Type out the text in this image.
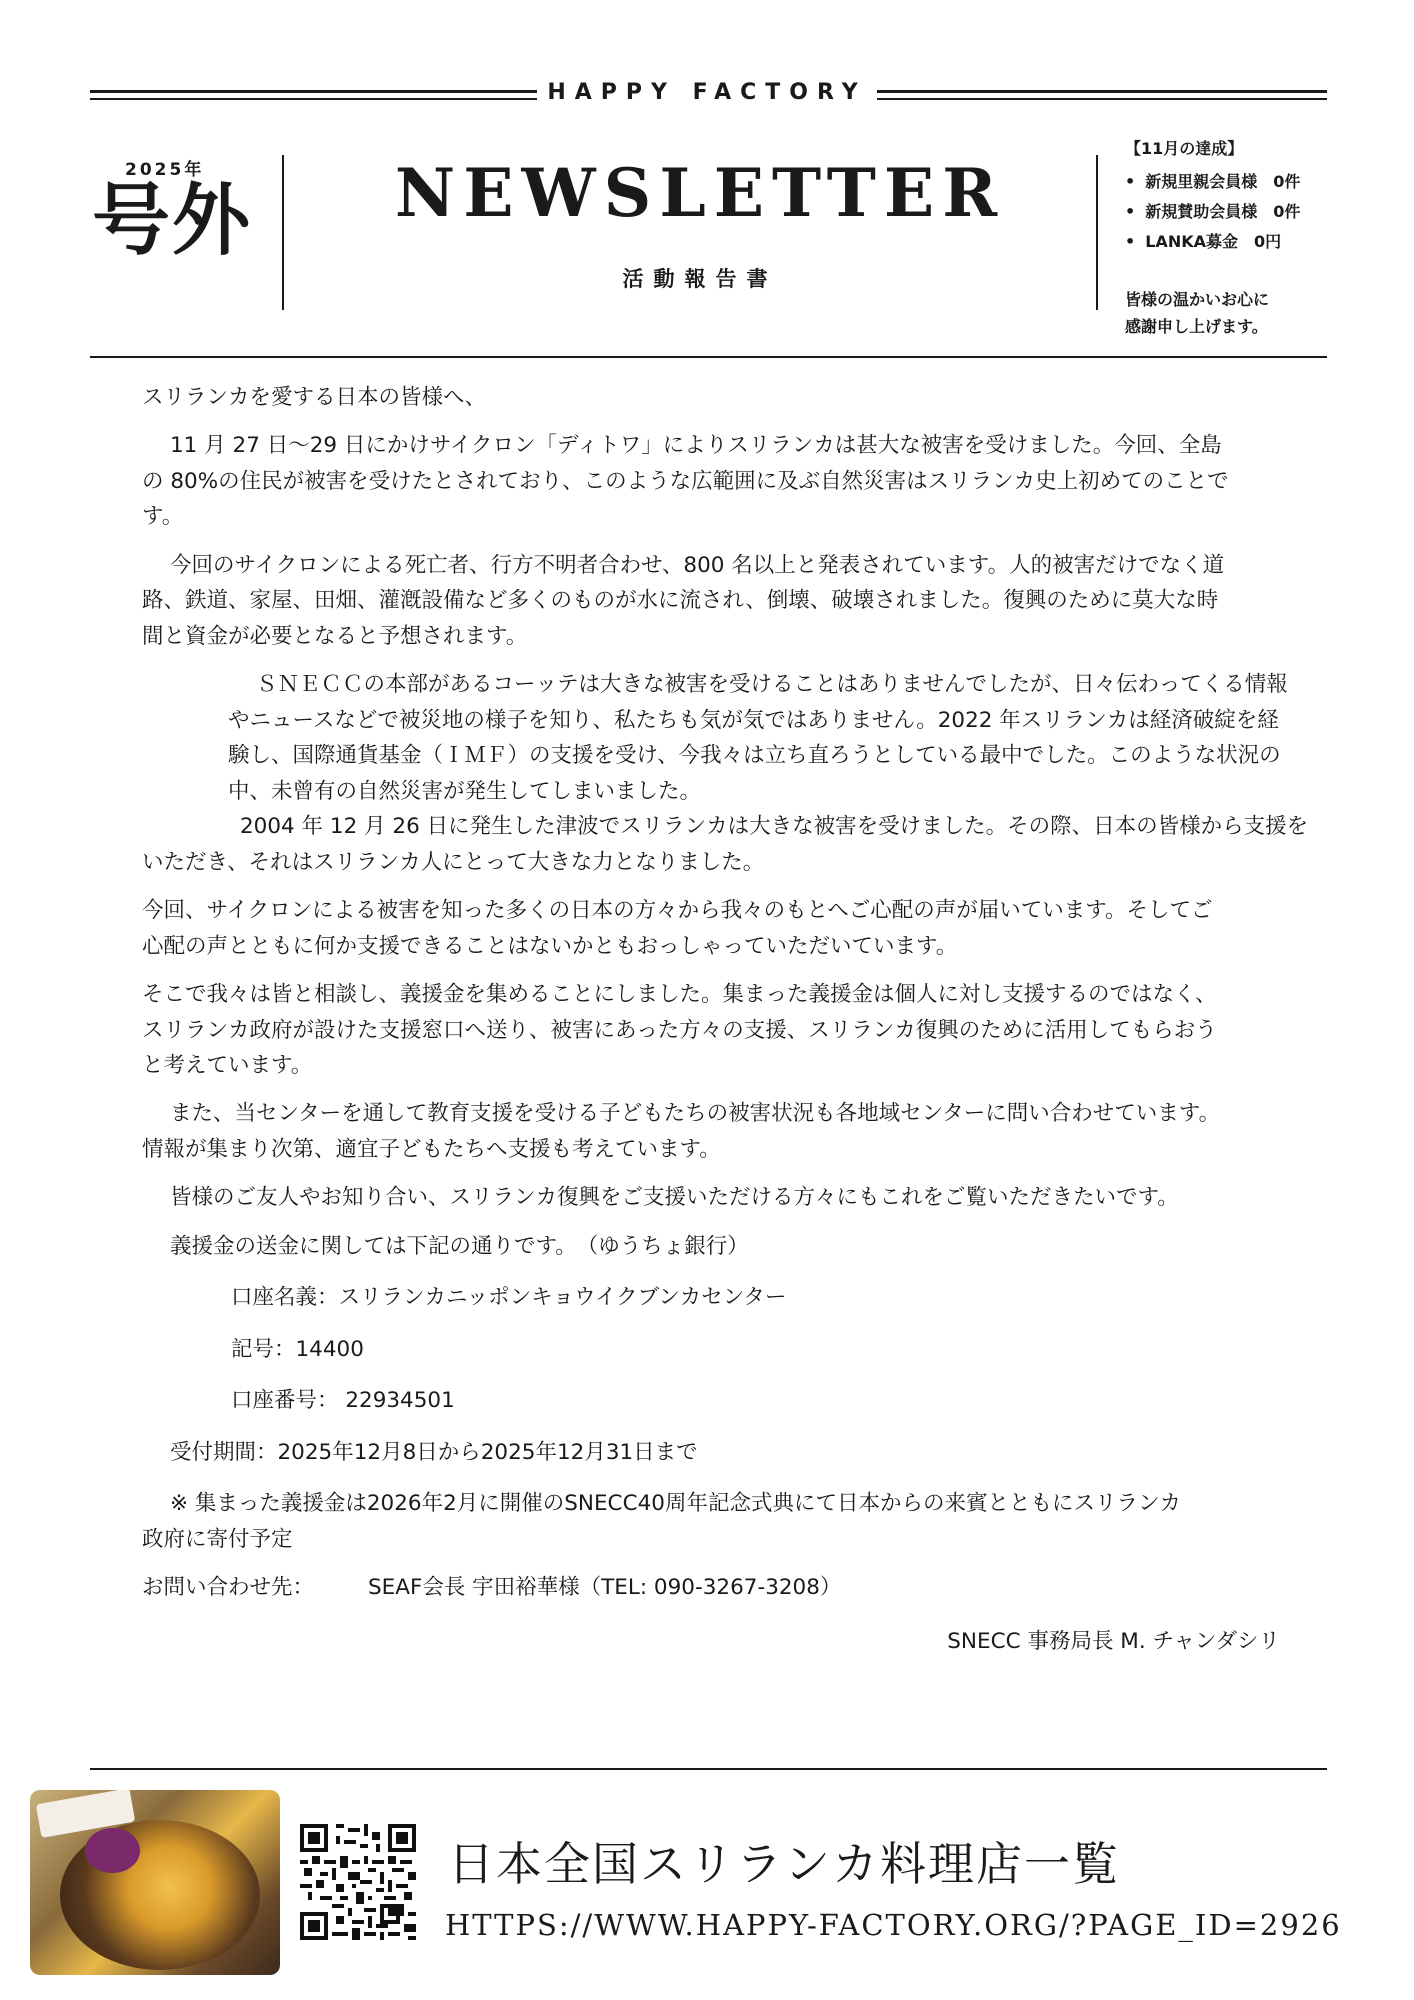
HAPPY FACTORY
2025年
号外	NEWSLETTER
活動報告書
【11月の達成】
• 新規里親会員様　0件
• 新規賛助会員様　0件
• LANKA募金　0円
皆様の温かいお心に
感謝申し上げます。

スリランカを愛する日本の皆様へ、

11 月 27 日〜29 日にかけサイクロン「ディトワ」によりスリランカは甚大な被害を受けました。今回、全島の 80%の住民が被害を受けたとされており、このような広範囲に及ぶ自然災害はスリランカ史上初めてのことです。

今回のサイクロンによる死亡者、行方不明者合わせ、800 名以上と発表されています。人的被害だけでなく道路、鉄道、家屋、田畑、灌漑設備など多くのものが水に流され、倒壊、破壊されました。復興のために莫大な時間と資金が必要となると予想されます。

ＳＮＥＣＣの本部があるコーッテは大きな被害を受けることはありませんでしたが、日々伝わってくる情報やニュースなどで被災地の様子を知り、私たちも気が気ではありません。2022 年スリランカは経済破綻を経験し、国際通貨基金（ＩＭＦ）の支援を受け、今我々は立ち直ろうとしている最中でした。このような状況の中、未曾有の自然災害が発生してしまいました。

2004 年 12 月 26 日に発生した津波でスリランカは大きな被害を受けました。その際、日本の皆様から支援をいただき、それはスリランカ人にとって大きな力となりました。

今回、サイクロンによる被害を知った多くの日本の方々から我々のもとへご心配の声が届いています。そしてご心配の声とともに何か支援できることはないかともおっしゃっていただいています。

そこで我々は皆と相談し、義援金を集めることにしました。集まった義援金は個人に対し支援するのではなく、スリランカ政府が設けた支援窓口へ送り、被害にあった方々の支援、スリランカ復興のために活用してもらおうと考えています。

また、当センターを通して教育支援を受ける子どもたちの被害状況も各地域センターに問い合わせています。情報が集まり次第、適宜子どもたちへ支援も考えています。

皆様のご友人やお知り合い、スリランカ復興をご支援いただける方々にもこれをご覧いただきたいです。

義援金の送金に関しては下記の通りです。　（ゆうちょ銀行）

口座名義：スリランカニッポンキョウイクブンカセンター

記号：14400

口座番号： 22934501

受付期間：2025年12月8日から2025年12月31日まで

※ 集まった義援金は2026年2月に開催のSNECC40周年記念式典にて日本からの来賓とともにスリランカ政府に寄付予定

お問い合わせ先：	SEAF会長 宇田裕華様（TEL: 090-3267-3208）

SNECC 事務局長 M. チャンダシリ

日本全国スリランカ料理店一覧
HTTPS://WWW.HAPPY-FACTORY.ORG/?PAGE_ID=2926
